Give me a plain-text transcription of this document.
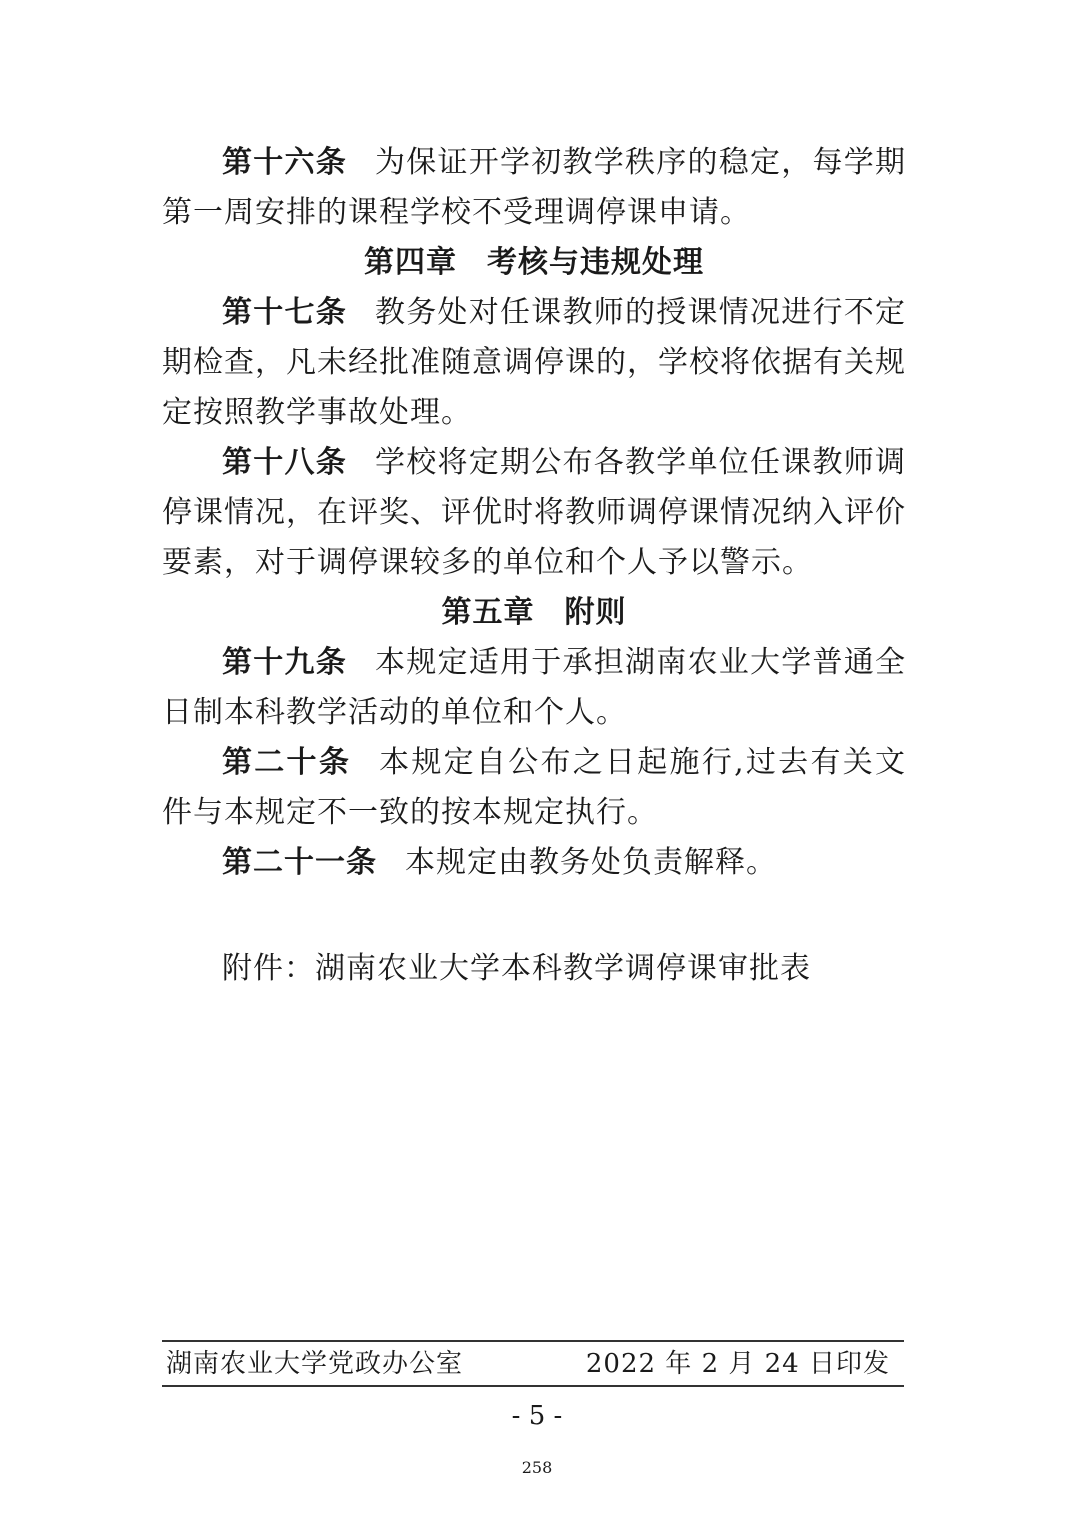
第十六条 为保证开学初教学秩序的稳定，每学期第一周安排的课程学校不受理调停课申请。

第四章 考核与违规处理

第十七条 教务处对任课教师的授课情况进行不定期检查，凡未经批准随意调停课的，学校将依据有关规定按照教学事故处理。

第十八条 学校将定期公布各教学单位任课教师调停课情况，在评奖、评优时将教师调停课情况纳入评价要素，对于调停课较多的单位和个人予以警示。

第五章 附则

第十九条 本规定适用于承担湖南农业大学普通全日制本科教学活动的单位和个人。

第二十条 本规定自公布之日起施行,过去有关文件与本规定不一致的按本规定执行。

第二十一条 本规定由教务处负责解释。

附件：湖南农业大学本科教学调停课审批表
湖南农业大学党政办公室	2022 年 2 月 24 日印发
- 5 -
258
